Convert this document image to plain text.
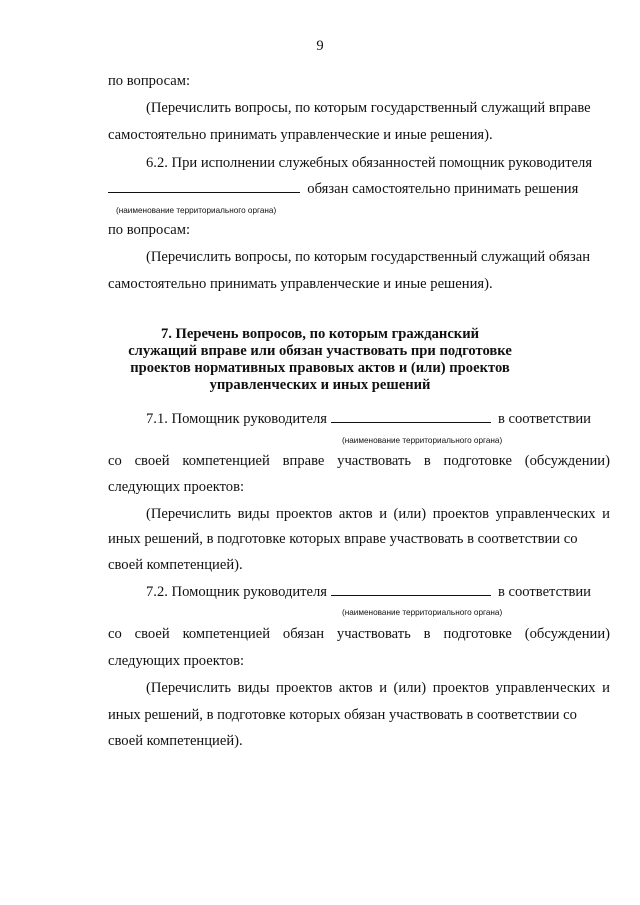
9
по вопросам:
(Перечислить вопросы, по которым государственный служащий вправе
самостоятельно принимать управленческие и иные решения).
6.2. При исполнении служебных обязанностей помощник руководителя
обязан самостоятельно принимать решения
(наименование территориального органа)
по вопросам:
(Перечислить вопросы, по которым государственный служащий обязан
самостоятельно принимать управленческие и иные решения).
7. Перечень вопросов, по которым гражданский
служащий вправе или обязан участвовать при подготовке
проектов нормативных правовых актов и (или) проектов
управленческих и иных решений
7.1. Помощник руководителя	в соответствии
(наименование территориального органа)
со своей компетенцией вправе участвовать в подготовке (обсуждении)
следующих проектов:
(Перечислить виды проектов актов и (или) проектов управленческих и
иных решений, в подготовке которых вправе участвовать в соответствии со
своей компетенцией).
7.2. Помощник руководителя	в соответствии
(наименование территориального органа)
со своей компетенцией обязан участвовать в подготовке (обсуждении)
следующих проектов:
(Перечислить виды проектов актов и (или) проектов управленческих и
иных решений, в подготовке которых обязан участвовать в соответствии со
своей компетенцией).
